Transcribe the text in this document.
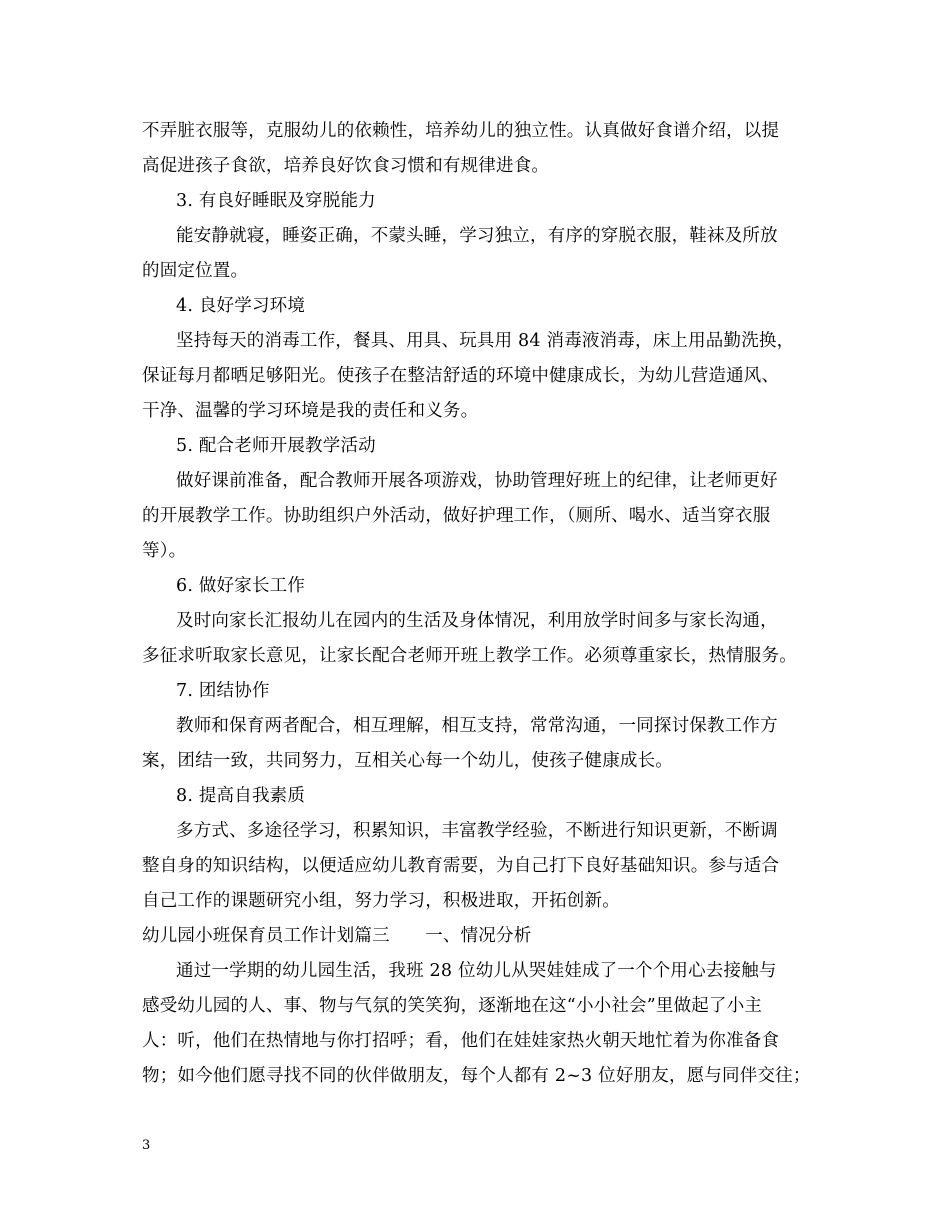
不弄脏衣服等，克服幼儿的依赖性，培养幼儿的独立性。认真做好食谱介绍，以提
高促进孩子食欲，培养良好饮食习惯和有规律进食。
3. 有良好睡眠及穿脱能力
能安静就寝，睡姿正确，不蒙头睡，学习独立，有序的穿脱衣服，鞋袜及所放
的固定位置。
4. 良好学习环境
坚持每天的消毒工作，餐具、用具、玩具用 84 消毒液消毒，床上用品勤洗换，
保证每月都晒足够阳光。使孩子在整洁舒适的环境中健康成长，为幼儿营造通风、
干净、温馨的学习环境是我的责任和义务。
5. 配合老师开展教学活动
做好课前准备，配合教师开展各项游戏，协助管理好班上的纪律，让老师更好
的开展教学工作。协助组织户外活动，做好护理工作，（厕所、喝水、适当穿衣服
等）。
6. 做好家长工作
及时向家长汇报幼儿在园内的生活及身体情况，利用放学时间多与家长沟通，
多征求听取家长意见，让家长配合老师开班上教学工作。必须尊重家长，热情服务。
7. 团结协作
教师和保育两者配合，相互理解，相互支持，常常沟通，一同探讨保教工作方
案，团结一致，共同努力，互相关心每一个幼儿，使孩子健康成长。
8. 提高自我素质
多方式、多途径学习，积累知识，丰富教学经验，不断进行知识更新，不断调
整自身的知识结构，以便适应幼儿教育需要，为自己打下良好基础知识。参与适合
自己工作的课题研究小组，努力学习，积极进取，开拓创新。
幼儿园小班保育员工作计划篇三　　一、情况分析
通过一学期的幼儿园生活，我班 28 位幼儿从哭娃娃成了一个个用心去接触与
感受幼儿园的人、事、物与气氛的笑笑狗，逐渐地在这“小小社会”里做起了小主
人：听，他们在热情地与你打招呼；看，他们在娃娃家热火朝天地忙着为你准备食
物；如今他们愿寻找不同的伙伴做朋友，每个人都有 2~3 位好朋友，愿与同伴交往；
3
